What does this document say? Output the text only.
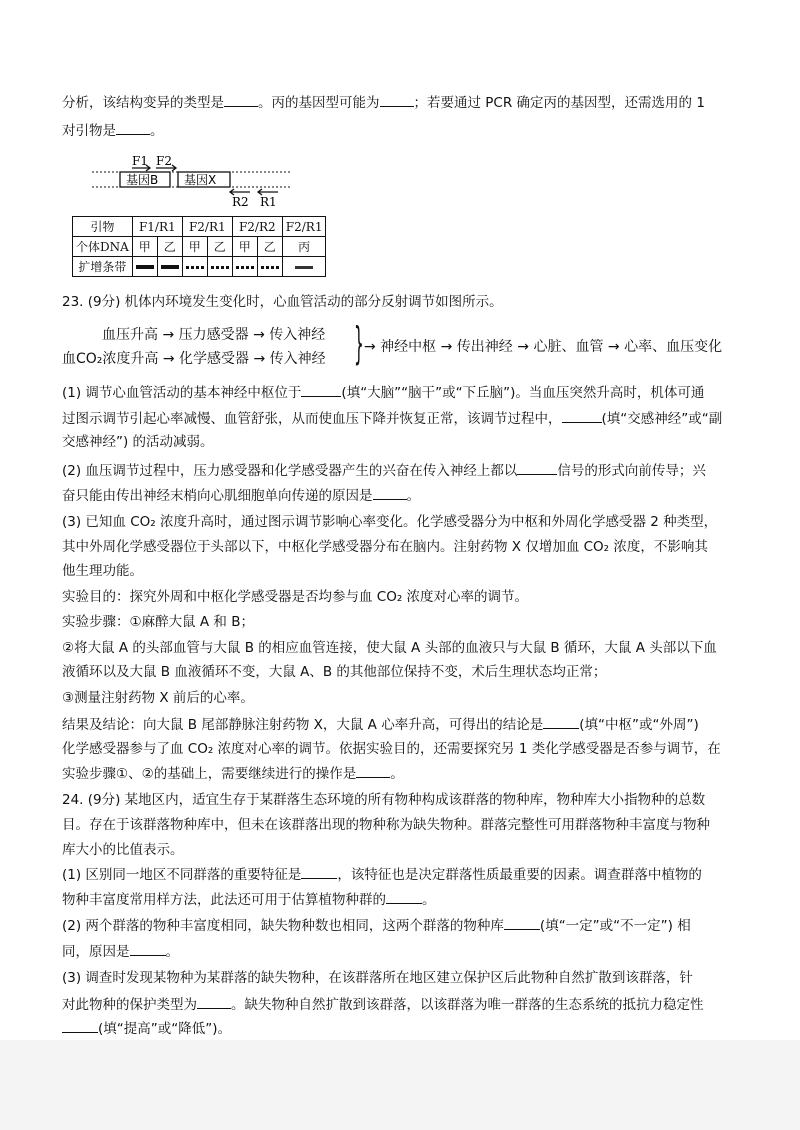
分析，该结构变异的类型是	。丙的基因型可能为	；若要通过 PCR 确定丙的基因型，还需选用的 1
对引物是	。
F1 F2
基因B 基因X
R2 R1
引物	F1/R1		F2/R1		F2/R2		F2/R1
个体DNA	甲	乙	甲	乙	甲	乙	丙
扩增条带							
23. (9分) 机体内环境发生变化时，心血管活动的部分反射调节如图所示。
血压升高 → 压力感受器 → 传入神经
血CO₂浓度升高 → 化学感受器 → 传入神经 } → 神经中枢 → 传出神经 → 心脏、血管 → 心率、血压变化
(1) 调节心血管活动的基本神经中枢位于	(填“大脑”“脑干”或“下丘脑”)。当血压突然升高时，机体可通
过图示调节引起心率减慢、血管舒张，从而使血压下降并恢复正常，该调节过程中，	(填“交感神经”或“副
交感神经”) 的活动减弱。
(2) 血压调节过程中，压力感受器和化学感受器产生的兴奋在传入神经上都以	信号的形式向前传导；兴
奋只能由传出神经末梢向心肌细胞单向传递的原因是	。
(3) 已知血 CO₂ 浓度升高时，通过图示调节影响心率变化。化学感受器分为中枢和外周化学感受器 2 种类型，
其中外周化学感受器位于头部以下，中枢化学感受器分布在脑内。注射药物 X 仅增加血 CO₂ 浓度，不影响其
他生理功能。
实验目的：探究外周和中枢化学感受器是否均参与血 CO₂ 浓度对心率的调节。
实验步骤：①麻醉大鼠 A 和 B；
②将大鼠 A 的头部血管与大鼠 B 的相应血管连接，使大鼠 A 头部的血液只与大鼠 B 循环，大鼠 A 头部以下血
液循环以及大鼠 B 血液循环不变，大鼠 A、B 的其他部位保持不变，术后生理状态均正常；
③测量注射药物 X 前后的心率。
结果及结论：向大鼠 B 尾部静脉注射药物 X，大鼠 A 心率升高，可得出的结论是	(填“中枢”或“外周”)
化学感受器参与了血 CO₂ 浓度对心率的调节。依据实验目的，还需要探究另 1 类化学感受器是否参与调节，在
实验步骤①、②的基础上，需要继续进行的操作是	。
24. (9分) 某地区内，适宜生存于某群落生态环境的所有物种构成该群落的物种库，物种库大小指物种的总数
目。存在于该群落物种库中，但未在该群落出现的物种称为缺失物种。群落完整性可用群落物种丰富度与物种
库大小的比值表示。
(1) 区别同一地区不同群落的重要特征是	，该特征也是决定群落性质最重要的因素。调查群落中植物的
物种丰富度常用样方法，此法还可用于估算植物种群的	。
(2) 两个群落的物种丰富度相同，缺失物种数也相同，这两个群落的物种库	(填“一定”或“不一定”) 相
同，原因是	。
(3) 调查时发现某物种为某群落的缺失物种，在该群落所在地区建立保护区后此物种自然扩散到该群落，针
对此物种的保护类型为	。缺失物种自然扩散到该群落，以该群落为唯一群落的生态系统的抵抗力稳定性
(填“提高”或“降低”)。
